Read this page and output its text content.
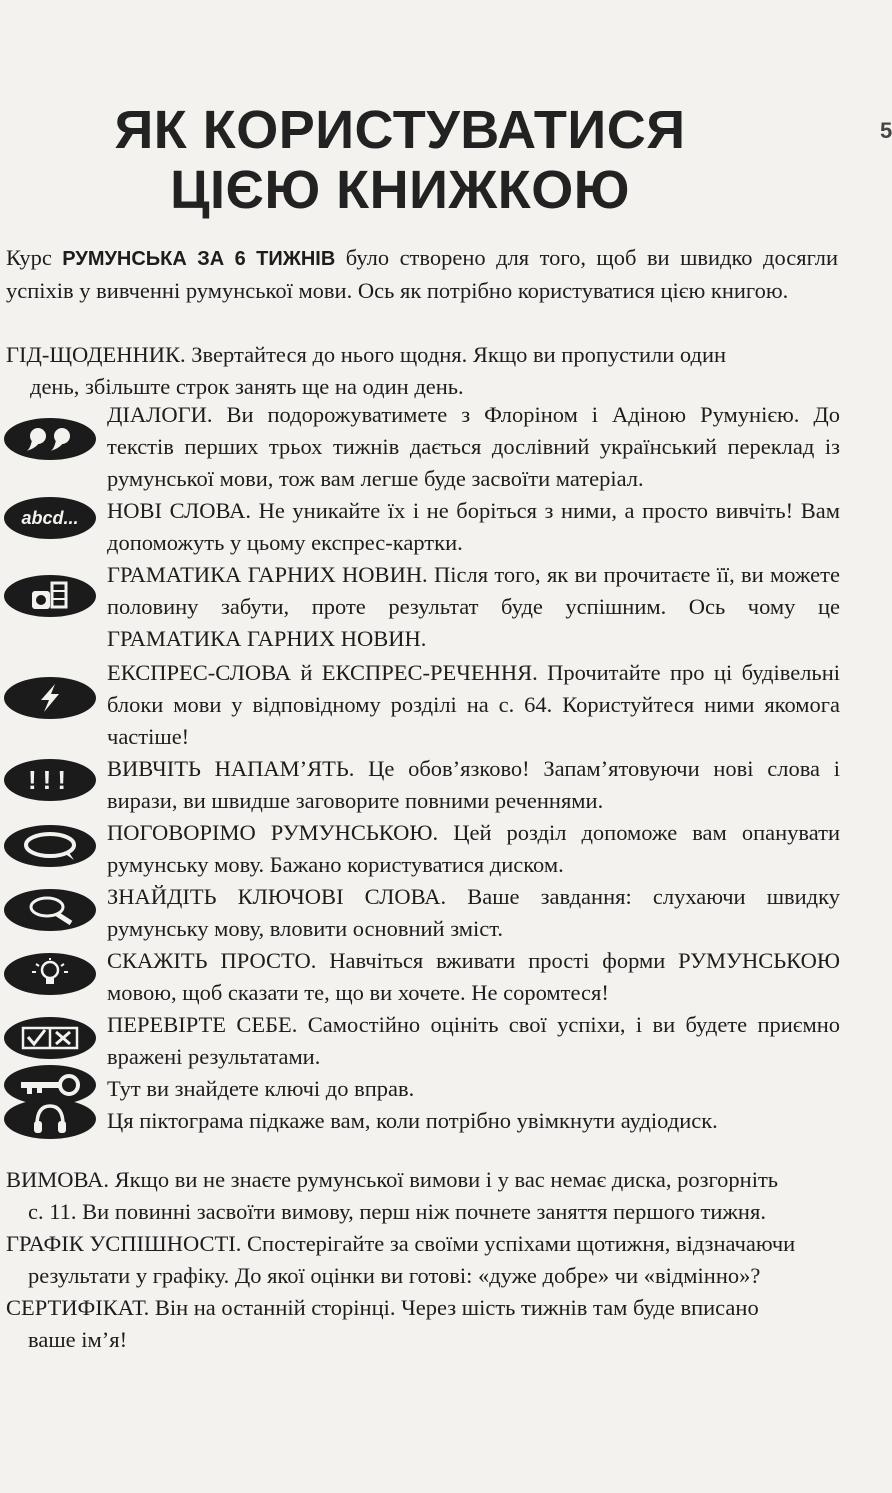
5
ЯК КОРИСТУВАТИСЯ
ЦІЄЮ КНИЖКОЮ

Курс РУМУНСЬКА ЗА 6 ТИЖНІВ було створено для того, щоб ви швидко досягли успіхів у вивченні румунської мови. Ось як потрібно користуватися цією книгою.

ГІД-ЩОДЕННИК. Звертайтеся до нього щодня. Якщо ви пропустили один
день, збільште строк занять ще на один день.

ДІАЛОГИ. Ви подорожуватимете з Флоріном і Адіною Румунією. До текстів перших трьох тижнів дається дослівний український переклад із румунської мови, тож вам легше буде засвоїти матеріал.
abcd...	НОВІ СЛОВА. Не уникайте їх і не боріться з ними, а просто вивчіть! Вам допоможуть у цьому експрес-картки.
ГРАМАТИКА ГАРНИХ НОВИН. Після того, як ви прочитаєте її, ви можете половину забути, проте результат буде успішним. Ось чому це ГРАМАТИКА ГАРНИХ НОВИН.
ЕКСПРЕС-СЛОВА й ЕКСПРЕС-РЕЧЕННЯ. Прочитайте про ці будівельні блоки мови у відповідному розділі на с. 64. Користуйтеся ними якомога частіше!
!!!	ВИВЧІТЬ НАПАМ’ЯТЬ. Це обов’язково! Запам’ятовуючи нові слова і вирази, ви швидше заговорите повними реченнями.
ПОГОВОРІМО РУМУНСЬКОЮ. Цей розділ допоможе вам опанувати румунську мову. Бажано користуватися диском.
ЗНАЙДІТЬ КЛЮЧОВІ СЛОВА. Ваше завдання: слухаючи швидку румунську мову, вловити основний зміст.
СКАЖІТЬ ПРОСТО. Навчіться вживати прості форми РУМУНСЬКОЮ мовою, щоб сказати те, що ви хочете. Не соромтеся!
ПЕРЕВІРТЕ СЕБЕ. Самостійно оцініть свої успіхи, і ви будете приємно вражені результатами.
Тут ви знайдете ключі до вправ.
Ця піктограма підкаже вам, коли потрібно увімкнути аудіодиск.

ВИМОВА. Якщо ви не знаєте румунської вимови і у вас немає диска, розгорніть
с. 11. Ви повинні засвоїти вимову, перш ніж почнете заняття першого тижня.

ГРАФІК УСПІШНОСТІ. Спостерігайте за своїми успіхами щотижня, відзначаючи
результати у графіку. До якої оцінки ви готові: «дуже добре» чи «відмінно»?

СЕРТИФІКАТ. Він на останній сторінці. Через шість тижнів там буде вписано
ваше ім’я!
